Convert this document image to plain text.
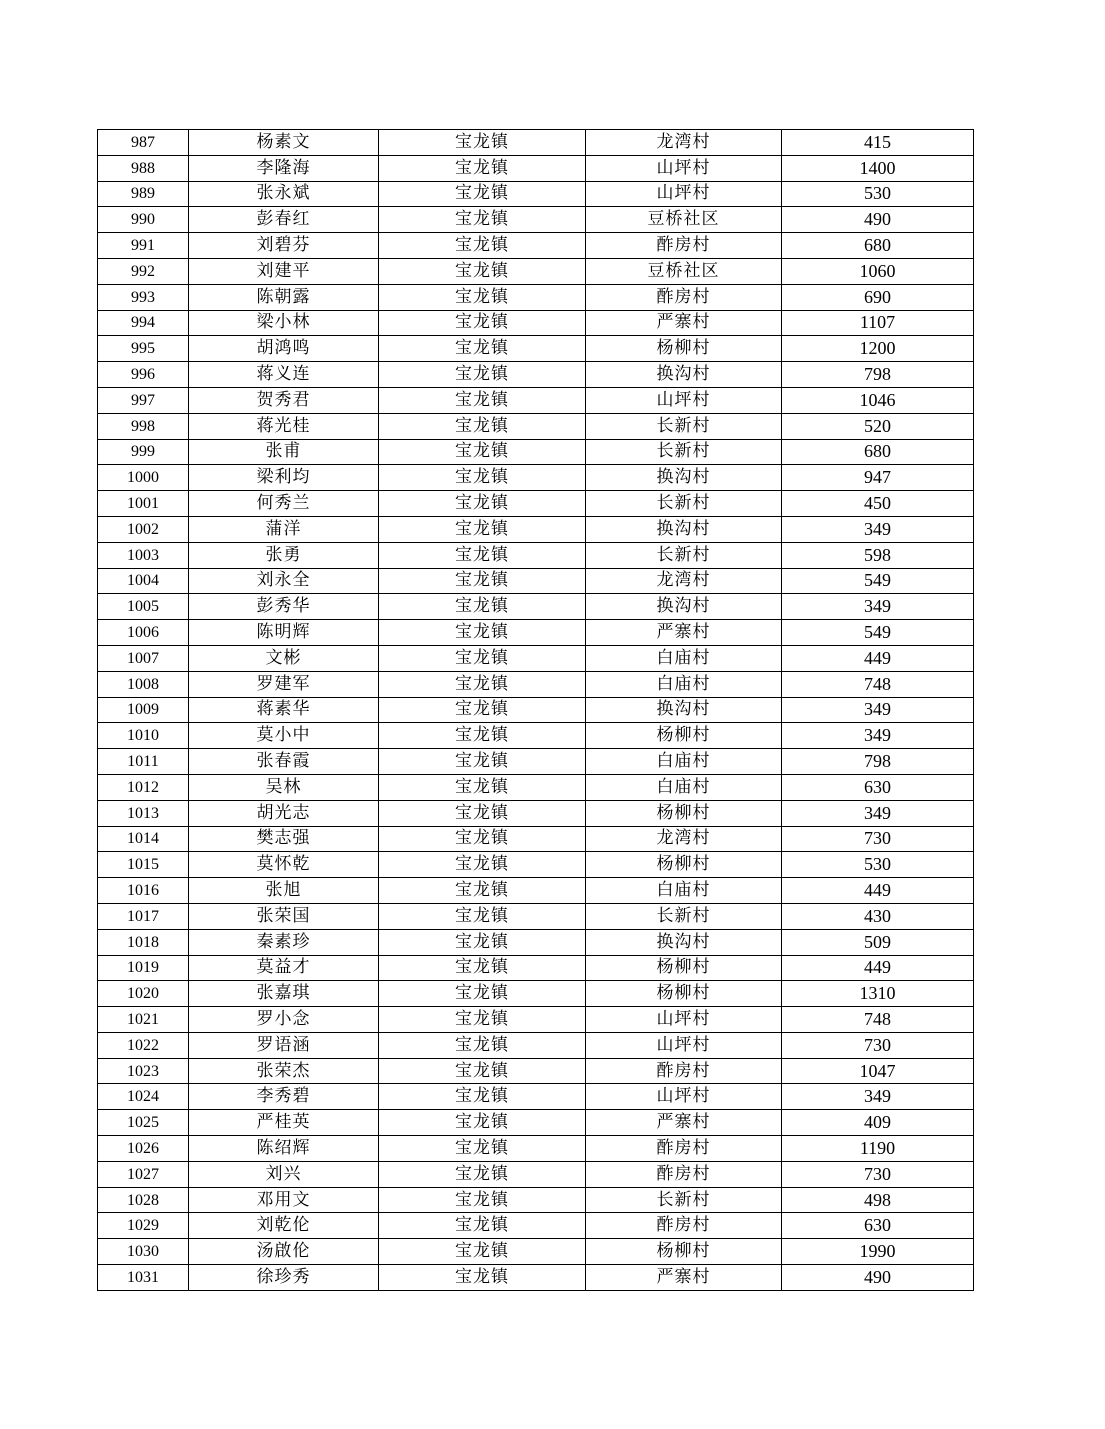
987	杨素文	宝龙镇	龙湾村	415
988	李隆海	宝龙镇	山坪村	1400
989	张永斌	宝龙镇	山坪村	530
990	彭春红	宝龙镇	豆桥社区	490
991	刘碧芬	宝龙镇	酢房村	680
992	刘建平	宝龙镇	豆桥社区	1060
993	陈朝露	宝龙镇	酢房村	690
994	梁小林	宝龙镇	严寨村	1107
995	胡鸿鸣	宝龙镇	杨柳村	1200
996	蒋义连	宝龙镇	换沟村	798
997	贺秀君	宝龙镇	山坪村	1046
998	蒋光桂	宝龙镇	长新村	520
999	张甫	宝龙镇	长新村	680
1000	梁利均	宝龙镇	换沟村	947
1001	何秀兰	宝龙镇	长新村	450
1002	蒲洋	宝龙镇	换沟村	349
1003	张勇	宝龙镇	长新村	598
1004	刘永全	宝龙镇	龙湾村	549
1005	彭秀华	宝龙镇	换沟村	349
1006	陈明辉	宝龙镇	严寨村	549
1007	文彬	宝龙镇	白庙村	449
1008	罗建军	宝龙镇	白庙村	748
1009	蒋素华	宝龙镇	换沟村	349
1010	莫小中	宝龙镇	杨柳村	349
1011	张春霞	宝龙镇	白庙村	798
1012	吴林	宝龙镇	白庙村	630
1013	胡光志	宝龙镇	杨柳村	349
1014	樊志强	宝龙镇	龙湾村	730
1015	莫怀乾	宝龙镇	杨柳村	530
1016	张旭	宝龙镇	白庙村	449
1017	张荣国	宝龙镇	长新村	430
1018	秦素珍	宝龙镇	换沟村	509
1019	莫益才	宝龙镇	杨柳村	449
1020	张嘉琪	宝龙镇	杨柳村	1310
1021	罗小念	宝龙镇	山坪村	748
1022	罗语涵	宝龙镇	山坪村	730
1023	张荣杰	宝龙镇	酢房村	1047
1024	李秀碧	宝龙镇	山坪村	349
1025	严桂英	宝龙镇	严寨村	409
1026	陈绍辉	宝龙镇	酢房村	1190
1027	刘兴	宝龙镇	酢房村	730
1028	邓用文	宝龙镇	长新村	498
1029	刘乾伦	宝龙镇	酢房村	630
1030	汤啟伦	宝龙镇	杨柳村	1990
1031	徐珍秀	宝龙镇	严寨村	490
